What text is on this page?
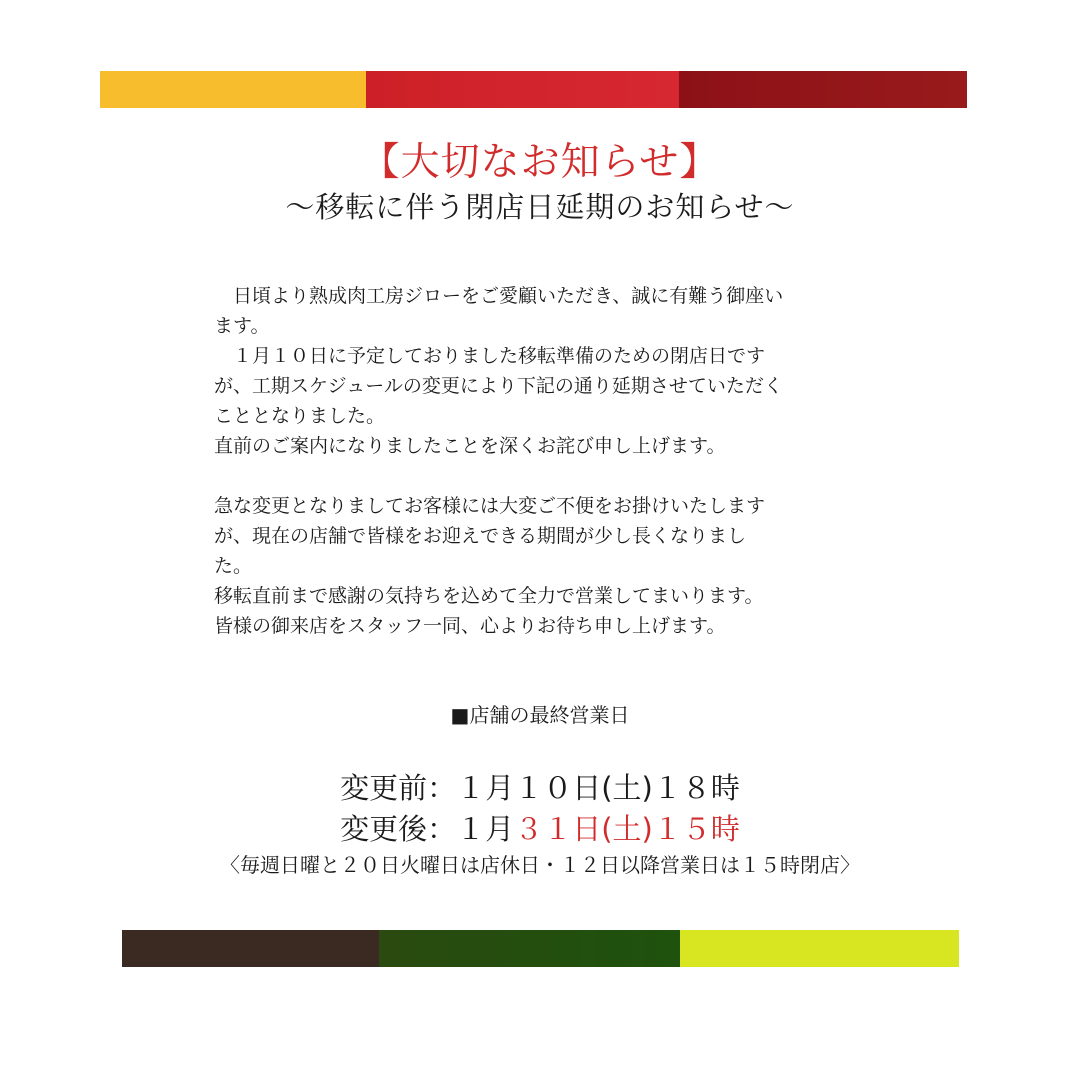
【大切なお知らせ】
～移転に伴う閉店日延期のお知らせ～

　日頃より熟成肉工房ジローをご愛顧いただき、誠に有難う御座い

ます。

　１月１０日に予定しておりました移転準備のための閉店日です

が、工期スケジュールの変更により下記の通り延期させていただく

こととなりました。

直前のご案内になりましたことを深くお詫び申し上げます。

急な変更となりましてお客様には大変ご不便をお掛けいたします

が、現在の店舗で皆様をお迎えできる期間が少し長くなりまし

た。

移転直前まで感謝の気持ちを込めて全力で営業してまいります。

皆様の御来店をスタッフ一同、心よりお待ち申し上げます。

■店舗の最終営業日
変更前：１月１０日(土)１８時
変更後：１月３１日(土)１５時
〈毎週日曜と２０日火曜日は店休日・１２日以降営業日は１５時閉店〉
